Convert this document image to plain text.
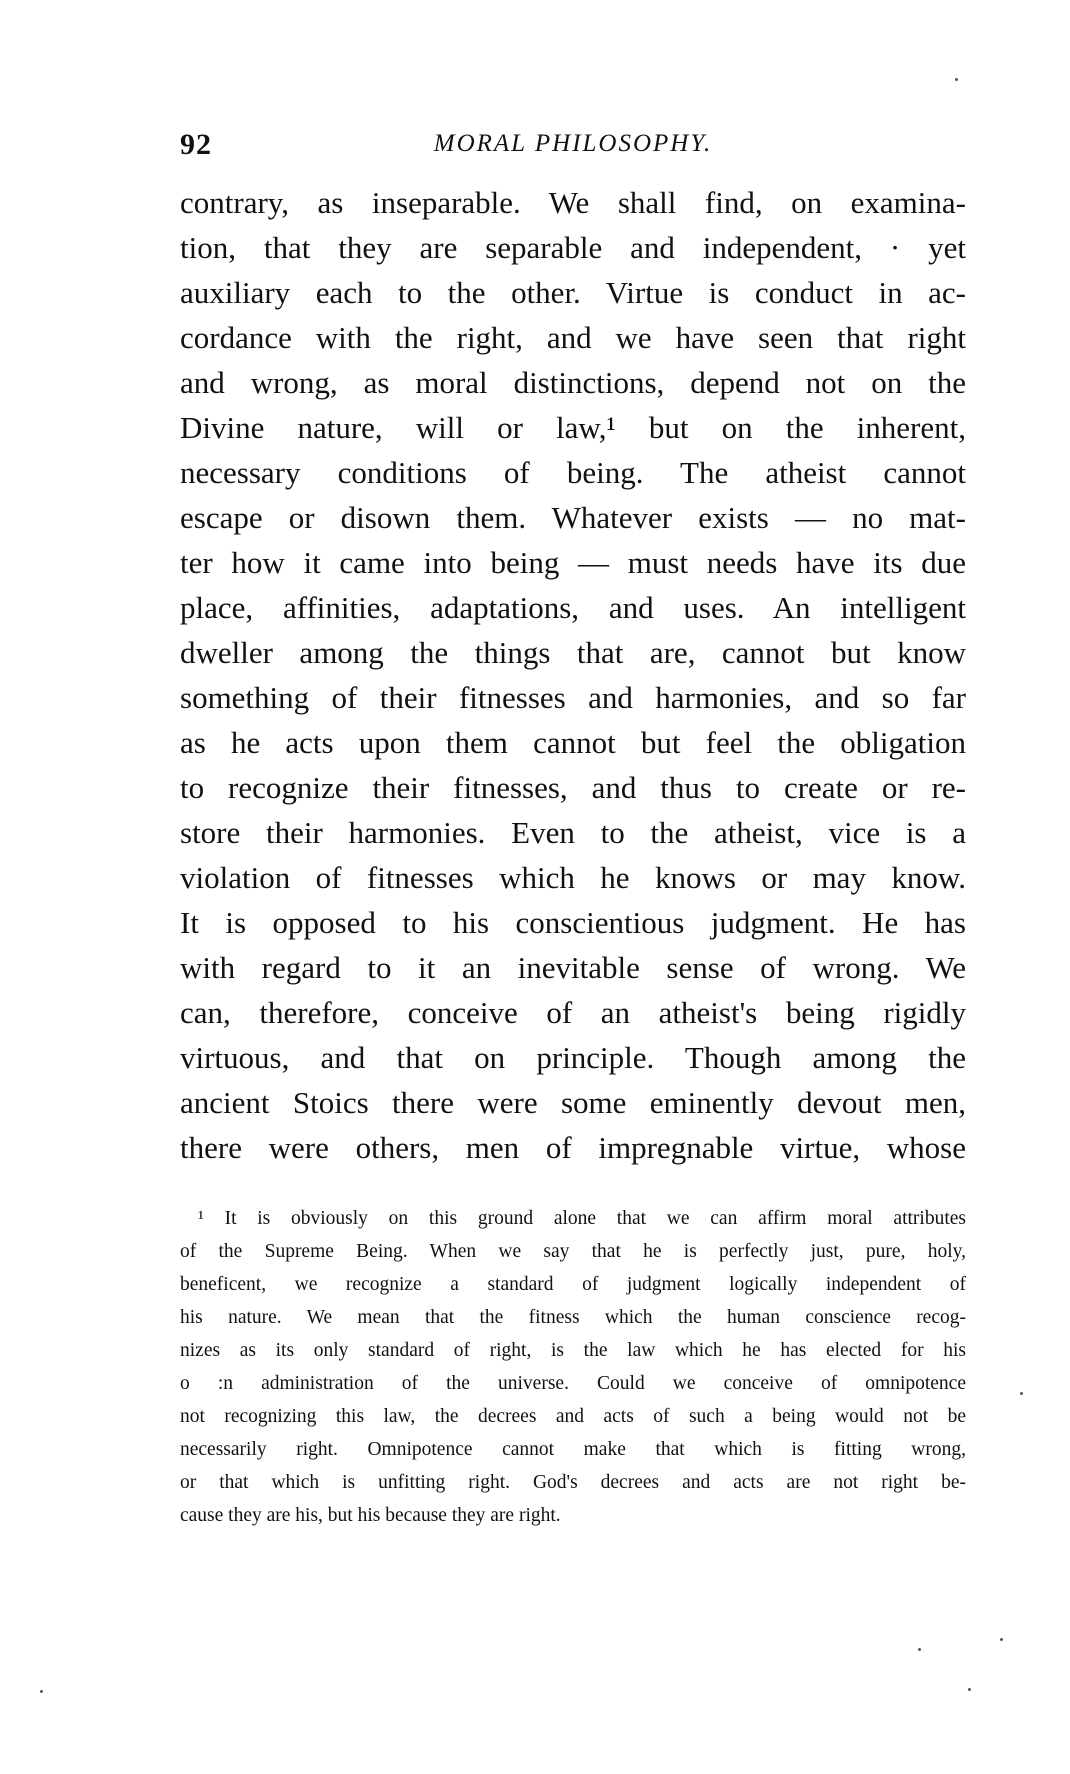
92	MORAL PHILOSOPHY.
contrary, as inseparable. We shall find, on examina-
tion, that they are separable and independent, · yet
auxiliary each to the other. Virtue is conduct in ac-
cordance with the right, and we have seen that right
and wrong, as moral distinctions, depend not on the
Divine nature, will or law,¹ but on the inherent,
necessary conditions of being. The atheist cannot
escape or disown them. Whatever exists — no mat-
ter how it came into being — must needs have its due
place, affinities, adaptations, and uses. An intelligent
dweller among the things that are, cannot but know
something of their fitnesses and harmonies, and so far
as he acts upon them cannot but feel the obligation
to recognize their fitnesses, and thus to create or re-
store their harmonies. Even to the atheist, vice is a
violation of fitnesses which he knows or may know.
It is opposed to his conscientious judgment. He has
with regard to it an inevitable sense of wrong. We
can, therefore, conceive of an atheist's being rigidly
virtuous, and that on principle. Though among the
ancient Stoics there were some eminently devout men,
there were others, men of impregnable virtue, whose
¹ It is obviously on this ground alone that we can affirm moral attributes
of the Supreme Being. When we say that he is perfectly just, pure, holy,
beneficent, we recognize a standard of judgment logically independent of
his nature. We mean that the fitness which the human conscience recog-
nizes as its only standard of right, is the law which he has elected for his
o :n administration of the universe. Could we conceive of omnipotence
not recognizing this law, the decrees and acts of such a being would not be
necessarily right. Omnipotence cannot make that which is fitting wrong,
or that which is unfitting right. God's decrees and acts are not right be-
cause they are his, but his because they are right.
